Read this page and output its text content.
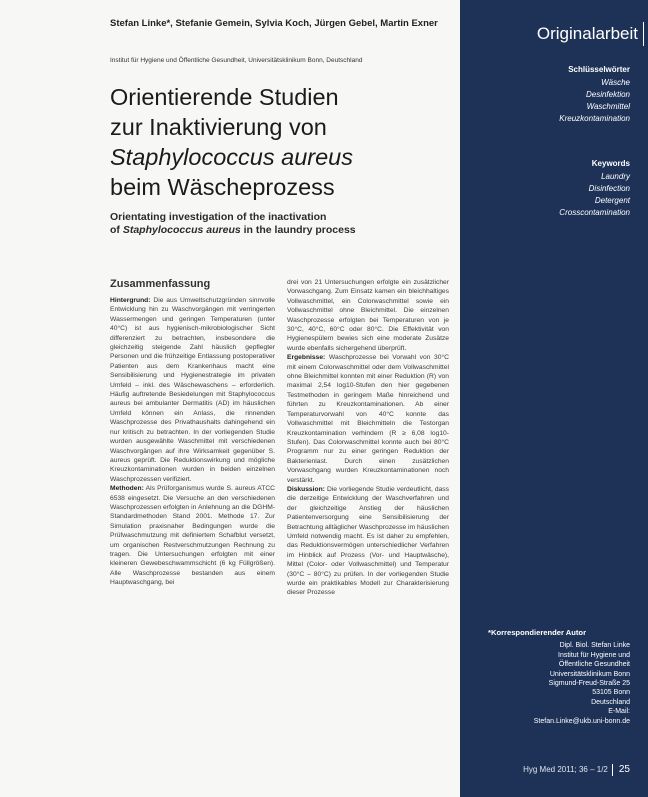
Stefan Linke*, Stefanie Gemein, Sylvia Koch, Jürgen Gebel, Martin Exner
Institut für Hygiene und Öffentliche Gesundheit, Universitätsklinikum Bonn, Deutschland
Orientierende Studien
zur Inaktivierung von
Staphylococcus aureus
beim Wäscheprozess
Orientating investigation of the inactivation
of Staphylococcus aureus in the laundry process
Zusammenfassung

Hintergrund: Die aus Umweltschutzgründen sinnvolle Entwicklung hin zu Waschvorgängen mit verringerten Wassermengen und geringen Temperaturen (unter 40°C) ist aus hygienisch-mikrobiologischer Sicht differenziert zu betrachten, insbesondere die gleichzeitig steigende Zahl häuslich gepflegter Personen und die frühzeitige Entlassung postoperativer Patienten aus dem Krankenhaus macht eine Sensibilisierung und Hygienestrategie im privaten Umfeld – inkl. des Wäschewaschens – erforderlich. Häufig auftretende Besiedelungen mit Staphylococcus aureus bei ambulanter Dermatitis (AD) im häuslichen Umfeld können ein Anlass, die rinnenden Waschprozesse des Privathaushalts dahingehend ein nur kritisch zu betrachten. In der vorliegenden Studie wurden ausgewählte Waschmittel mit verschiedenen Waschvorgängen auf ihre Wirksamkeit gegenüber S. aureus geprüft. Die Reduktionswirkung und mögliche Kreuzkontaminationen wurden in beiden einzelnen Waschprozessen verifiziert.

Methoden: Als Prüforganismus wurde S. aureus ATCC 6538 eingesetzt. Die Versuche an den verschiedenen Waschprozessen erfolgten in Anlehnung an die DGHM-Standardmethoden Stand 2001. Methode 17. Zur Simulation praxisnaher Bedingungen wurde die Prüfwaschmutzung mit definiertem Schafblut versetzt, um organischen Restverschmutzungen Rechnung zu tragen. Die Untersuchungen erfolgten mit einer kleineren Gewebeschwammschicht (6 kg Füllgrößen). Alle Waschprozesse bestanden aus einem Hauptwaschgang, bei

drei von 21 Untersuchungen erfolgte ein zusätzlicher Vorwaschgang. Zum Einsatz kamen ein bleichhaltiges Vollwaschmittel, ein Colorwaschmittel sowie ein Vollwaschmittel ohne Bleichmittel. Die einzelnen Waschprozesse erfolgten bei Temperaturen von je 30°C, 40°C, 60°C oder 80°C. Die Effektivität von Hygienespülern bewies sich eine moderate Zusätze wurde ebenfalls sichergehend überprüft.

Ergebnisse: Waschprozesse bei Vorwahl von 30°C mit einem Colorwaschmittel oder dem Vollwaschmittel ohne Bleichmittel konnten mit einer Reduktion (R) von maximal 2,54 log10-Stufen den hier gegebenen Testmethoden in geringem Maße hinreichend und führten zu Kreuzkontaminationen. Ab einer Temperaturvorwahl von 40°C konnte das Vollwaschmittel mit Bleichmitteln die Testorgan Kreuzkontamination verhindern (R ≥ 6,08 log10-Stufen). Das Colorwaschmittel konnte auch bei 80°C Programm nur zu einer geringen Reduktion der Bakterienlast. Durch einen zusätzlichen Vorwaschgang wurden Kreuzkontaminationen noch verstärkt.

Diskussion: Die vorliegende Studie verdeutlicht, dass die derzeitige Entwicklung der Waschverfahren und der gleichzeitige Anstieg der häuslichen Patientenversorgung eine Sensibilisierung der Betrachtung alltäglicher Waschprozesse im häuslichen Umfeld notwendig macht. Es ist daher zu empfehlen, das Reduktionsvermögen unterschiedlicher Verfahren im Hinblick auf Prozess (Vor- und Hauptwäsche), Mittel (Color- oder Vollwaschmittel) und Temperatur (30°C – 80°C) zu prüfen. In der vorliegenden Studie wurde ein praktikables Modell zur Charakterisierung dieser Prozesse

Originalarbeit
Schlüsselwörter
Wäsche
Desinfektion
Waschmittel
Kreuzkontamination
Keywords
Laundry
Disinfection
Detergent
Crosscontamination
*Korrespondierender Autor
Dipl. Biol. Stefan Linke
Institut für Hygiene und
Öffentliche Gesundheit
Universitätsklinikum Bonn
Sigmund-Freud-Straße 25
53105 Bonn
Deutschland
E-Mail:
Stefan.Linke@ukb.uni-bonn.de
Hyg Med 2011; 36 – 1/2 25
